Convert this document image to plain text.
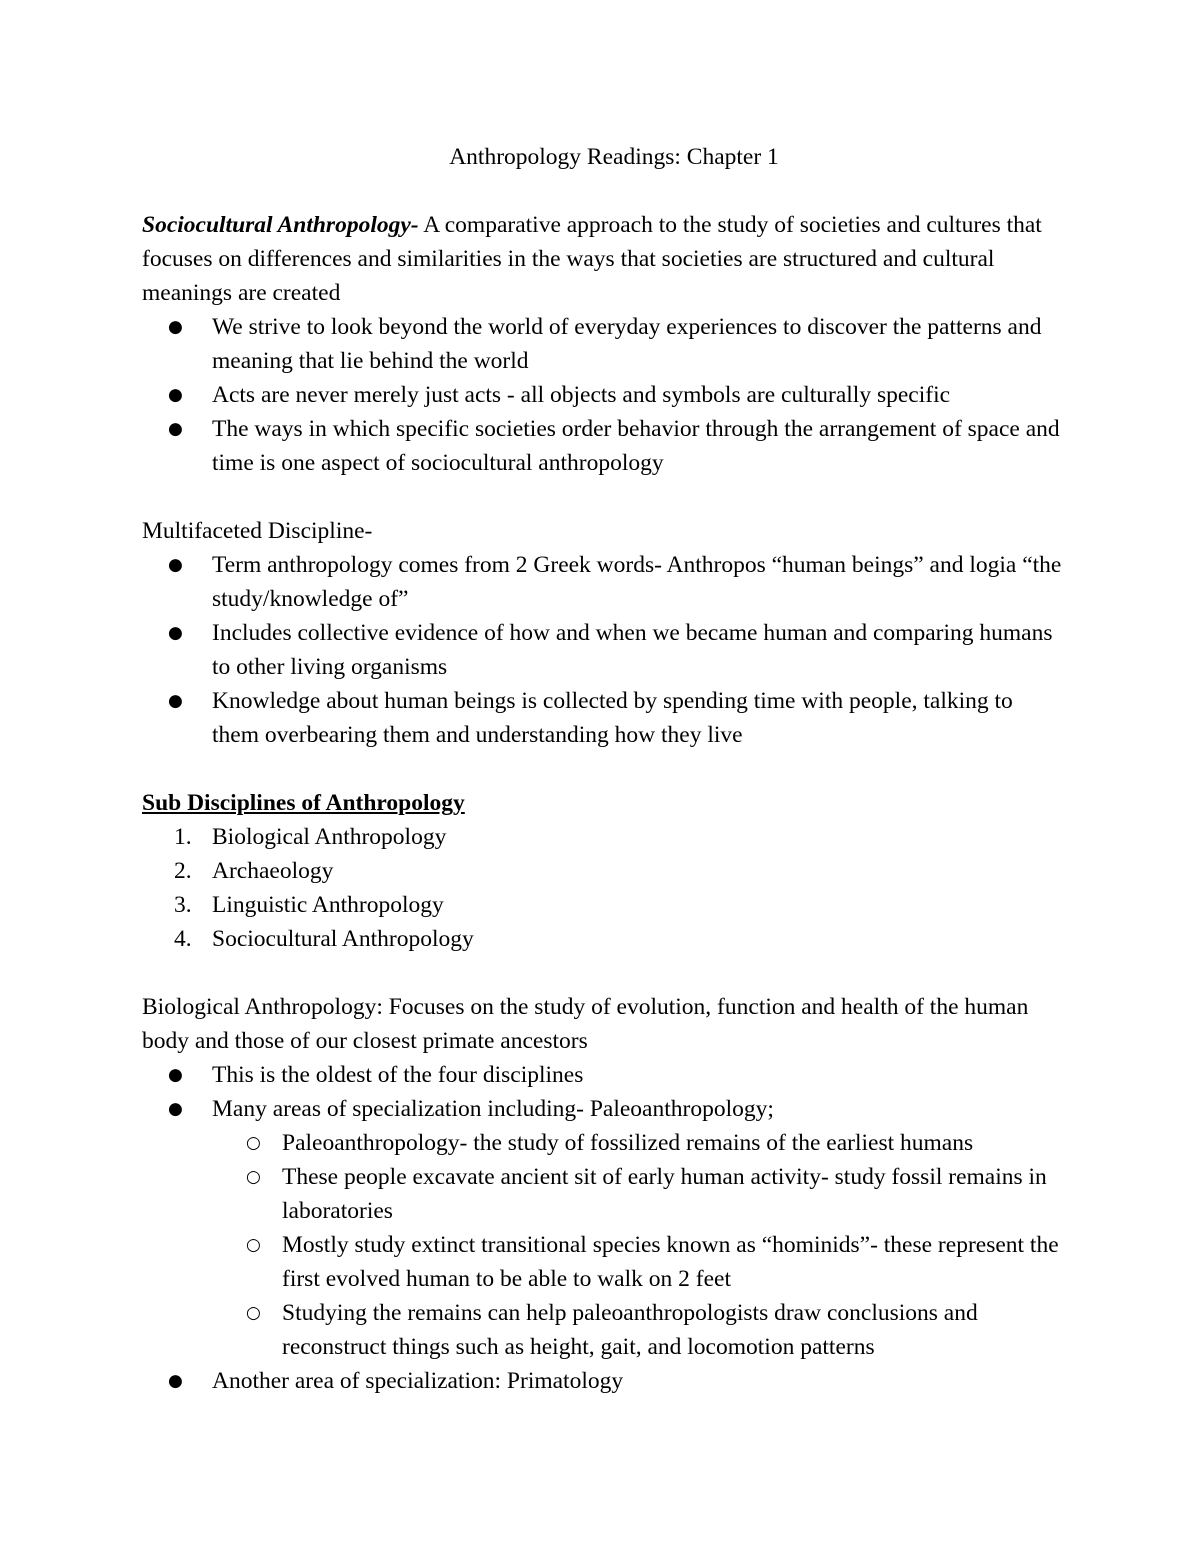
Anthropology Readings: Chapter 1

Sociocultural Anthropology- A comparative approach to the study of societies and cultures that focuses on differences and similarities in the ways that societies are structured and cultural meanings are created

● We strive to look beyond the world of everyday experiences to discover the patterns and meaning that lie behind the world
● Acts are never merely just acts - all objects and symbols are culturally specific
● The ways in which specific societies order behavior through the arrangement of space and time is one aspect of sociocultural anthropology

Multifaceted Discipline-

● Term anthropology comes from 2 Greek words- Anthropos “human beings” and logia “the study/knowledge of”
● Includes collective evidence of how and when we became human and comparing humans to other living organisms
● Knowledge about human beings is collected by spending time with people, talking to them overbearing them and understanding how they live

Sub Disciplines of Anthropology

1. Biological Anthropology
2. Archaeology
3. Linguistic Anthropology
4. Sociocultural Anthropology

Biological Anthropology: Focuses on the study of evolution, function and health of the human body and those of our closest primate ancestors

● This is the oldest of the four disciplines
● Many areas of specialization including- Paleoanthropology;
○ Paleoanthropology- the study of fossilized remains of the earliest humans
○ These people excavate ancient sit of early human activity- study fossil remains in laboratories
○ Mostly study extinct transitional species known as “hominids”- these represent the first evolved human to be able to walk on 2 feet
○ Studying the remains can help paleoanthropologists draw conclusions and reconstruct things such as height, gait, and locomotion patterns
● Another area of specialization: Primatology
